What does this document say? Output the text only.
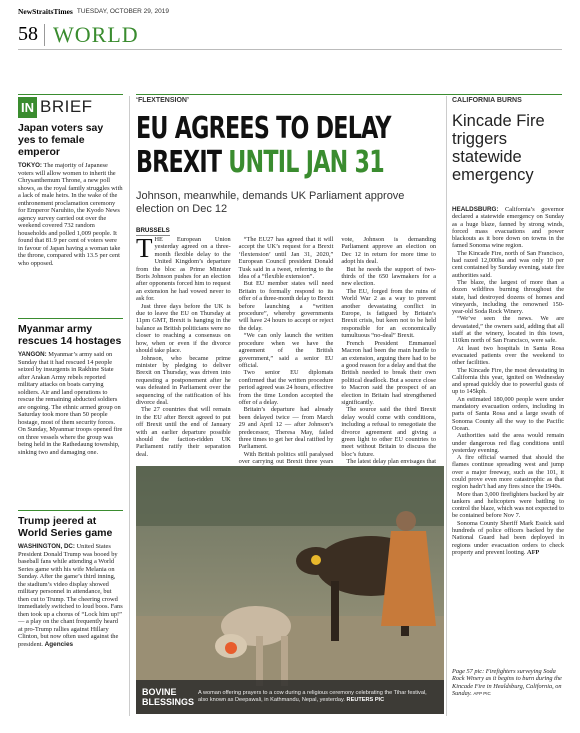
NewStraitsTimes TUESDAY, OCTOBER 29, 2019
58 WORLD
IN BRIEF
Japan voters say yes to female emperor
TOKYO: The majority of Japanese voters will allow women to inherit the Chrysanthemum Throne, a new poll shows, as the royal family struggles with a lack of male heirs. In the wake of the enthronement proclamation ceremony for Emperor Naruhito, the Kyodo News agency survey carried out over the weekend covered 732 random households and polled 1,009 people. It found that 81.9 per cent of voters were in favour of Japan having a woman take the throne, compared with 13.5 per cent who opposed.
Myanmar army rescues 14 hostages
YANGON: Myanmar’s army said on Sunday that it had rescued 14 people seized by insurgents in Rakhine State after Arakan Army rebels reported military attacks on boats carrying soldiers. Air and land operations to rescue the remaining abducted soldiers are ongoing. The ethnic armed group on Saturday took more than 50 people hostage, most of them security forces. On Sunday, Myanmar troops opened fire on three vessels where the group was being held in the Rathedaung township, sinking two and damaging one.
Trump jeered at World Series game
WASHINGTON, DC: United States President Donald Trump was booed by baseball fans while attending a World Series game with his wife Melania on Sunday. After the game’s third inning, the stadium’s video display showed military personnel in attendance, but then cut to Trump. The cheering crowd immediately switched to loud boos. Fans then took up a chorus of “Lock him up!” — a play on the chant frequently heard at pro-Trump rallies against Hillary Clinton, but now often used against the president. Agencies
‘FLEXTENSION’
EU AGREES TO DELAY
BREXIT UNTIL JAN 31
Johnson, meanwhile, demands UK Parliament approve election on Dec 12
BRUSSELS
T HE European Union yesterday agreed on a three-month flexible delay to the United Kingdom’s departure from the bloc as Prime Minister Boris Johnson pushes for an election after opponents forced him to request an extension he had vowed never to ask for.

Just three days before the UK is due to leave the EU on Thursday at 11pm GMT, Brexit is hanging in the balance as British politicians were no closer to reaching a consensus on how, when or even if the divorce should take place.

Johnson, who became prime minister by pledging to deliver Brexit on Thursday, was driven into requesting a postponement after he was defeated in Parliament over the sequencing of the ratification of his divorce deal.

The 27 countries that will remain in the EU after Brexit agreed to put off Brexit until the end of January with an earlier departure possible should the faction-ridden UK Parliament ratify their separation deal.

“The EU27 has agreed that it will accept the UK’s request for a Brexit ‘flextension’ until Jan 31, 2020,” European Council president Donald Tusk said in a tweet, referring to the idea of a “flexible extension”.

But EU member states will need Britain to formally respond to its offer of a three-month delay to Brexit before launching a “written procedure”, whereby governments will have 24 hours to accept or reject the delay.

“We can only launch the written procedure when we have the agreement of the British government,” said a senior EU official.

Two senior EU diplomats confirmed that the written procedure period agreed was 24 hours, effective from the time London accepted the offer of a delay.

Britain’s departure had already been delayed twice — from March 29 and April 12 — after Johnson’s predecessor, Theresa May, failed three times to get her deal ratified by Parliament.

With British politics still paralysed over carrying out Brexit three years

vote, Johnson is demanding Parliament approve an election on Dec 12 in return for more time to adopt his deal.

But he needs the support of two-thirds of the 650 lawmakers for a new election.

The EU, forged from the ruins of World War 2 as a way to prevent another devastating conflict in Europe, is fatigued by Britain’s Brexit crisis, but keen not to be held responsible for an economically tumultuous “no-deal” Brexit.

French President Emmanuel Macron had been the main hurdle to an extension, arguing there had to be a good reason for a delay and that the British needed to break their own political deadlock. But a source close to Macron said the prospect of an election in Britain had strengthened significantly.

The source said the third Brexit delay would come with conditions, including a refusal to renegotiate the divorce agreement and giving a green light to other EU countries to meet without Britain to discuss the bloc’s future.

The latest delay plan envisages that

BOVINE BLESSINGS
A woman offering prayers to a cow during a religious ceremony celebrating the Tihar festival, also known as Deepawali, in Kathmandu, Nepal, yesterday. REUTERS PIC
CALIFORNIA BURNS
Kincade Fire triggers statewide emergency

HEALDSBURG: California’s governor declared a statewide emergency on Sunday as a huge blaze, fanned by strong winds, forced mass evacuations and power blackouts as it bore down on towns in the famed Sonoma wine region.

The Kincade Fire, north of San Francisco, had razed 12,000ha and was only 10 per cent contained by Sunday evening, state fire authorities said.

The blaze, the largest of more than a dozen wildfires burning throughout the state, had destroyed dozens of homes and vineyards, including the renowned 150-year-old Soda Rock Winery.

“We’ve seen the news. We are devastated,” the owners said, adding that all staff at the winery, located in this town, 110km north of San Francisco, were safe.

At least two hospitals in Santa Rosa evacuated patients over the weekend to other facilities.

The Kincade Fire, the most devastating in California this year, ignited on Wednesday and spread quickly due to powerful gusts of up to 145kph.

An estimated 180,000 people were under mandatory evacuation orders, including in parts of Santa Rosa and a large swath of Sonoma County all the way to the Pacific Ocean.

Authorities said the area would remain under dangerous red flag conditions until yesterday evening.

A fire official warned that should the flames continue spreading west and jump over a major freeway, such as the 101, it could prove even more catastrophic as that region hadn’t had any fires since the 1940s.

More than 3,000 firefighters backed by air tankers and helicopters were battling to control the blaze, which was not expected to be contained before Nov 7.

Sonoma County Sheriff Mark Essick said hundreds of police officers backed by the National Guard had been deployed in regions under evacuation orders to check property and prevent looting. AFP

Page 57 pic: Firefighters surveying Soda Rock Winery as it begins to burn during the Kincade Fire in Healdsburg, California, on Sunday. AFP PIC
